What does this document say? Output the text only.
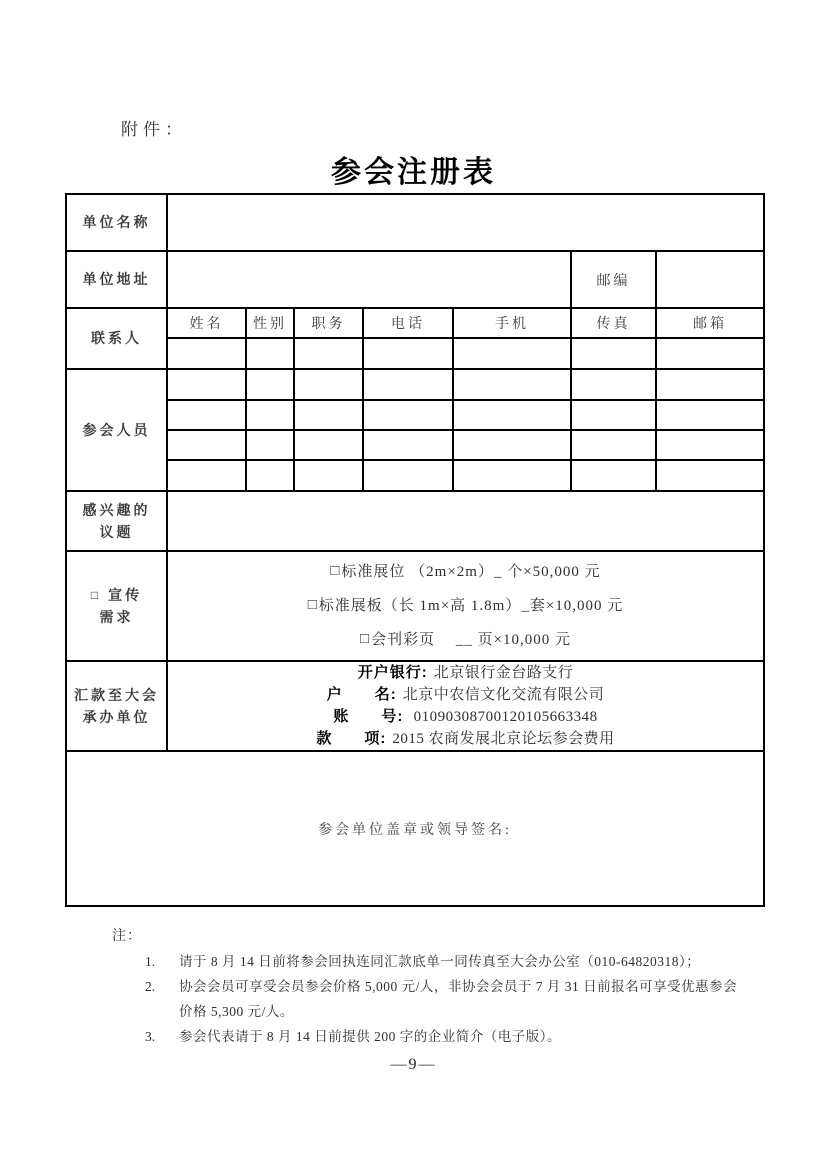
附件：
参会注册表
单位名称							
单位地址						邮编	
联系人	姓名	性别	职务	电话	手机	传真	邮箱

参会人员							

感兴趣的
议题							

□ 宣传
需求

□标准展位 （2m×2m）_ 个×50,000 元
□标准展板（长 1m×高 1.8m）_套×10,000 元
□会刊彩页　 __ 页×10,000 元

汇款至大会
承办单位

开户银行: 北京银行金台路支行
户　　名: 北京中农信文化交流有限公司
账　　号: 01090308700120105663348
款　　项: 2015 农商发展北京论坛参会费用

参会单位盖章或领导签名:							
注：
1.	请于 8 月 14 日前将参会回执连同汇款底单一同传真至大会办公室（010-64820318）；
2.	协会会员可享受会员参会价格 5,000 元/人，非协会会员于 7 月 31 日前报名可享受优惠参会价格 5,300 元/人。
3.	参会代表请于 8 月 14 日前提供 200 字的企业简介（电子版）。
—9—
